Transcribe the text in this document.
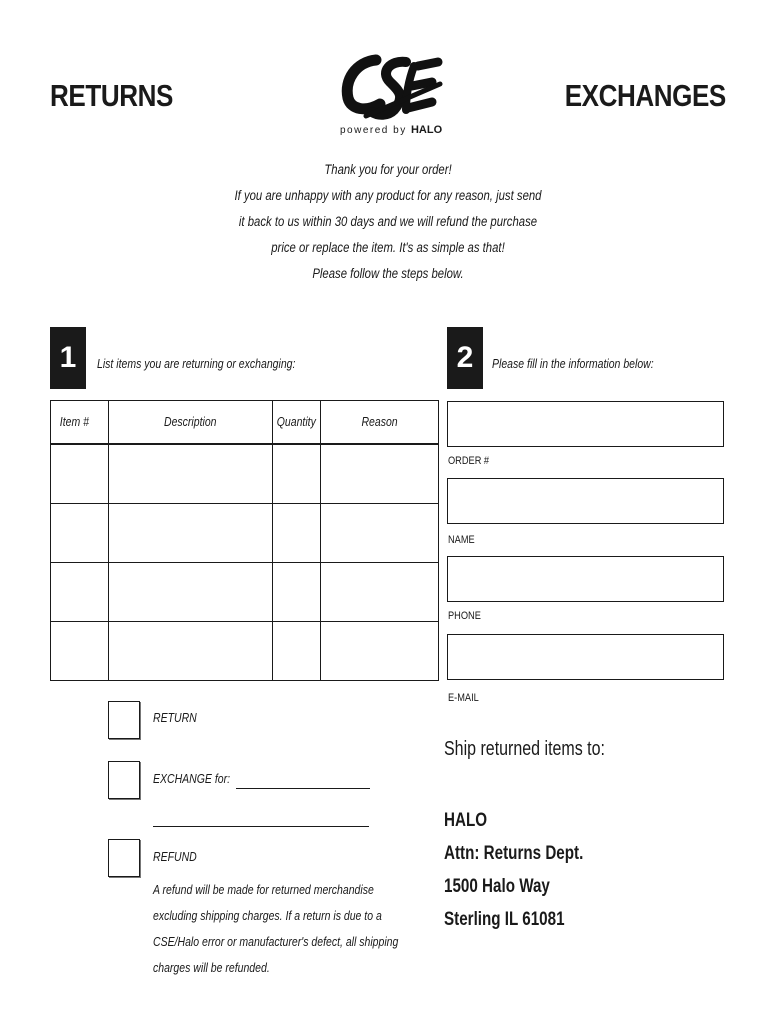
RETURNS	EXCHANGES
powered by HALO
Thank you for your order!
If you are unhappy with any product for any reason, just send
it back to us within 30 days and we will refund the purchase
price or replace the item. It's as simple as that!
Please follow the steps below.
1	List items you are returning or exchanging:
Item #	Description	Quantity	Reason

2	Please fill in the information below:
ORDER #
NAME
PHONE
E-MAIL
RETURN
EXCHANGE for:
REFUND
A refund will be made for returned merchandise
excluding shipping charges. If a return is due to a
CSE/Halo error or manufacturer's defect, all shipping
charges will be refunded.
Ship returned items to:
HALO
Attn: Returns Dept.
1500 Halo Way
Sterling IL 61081
